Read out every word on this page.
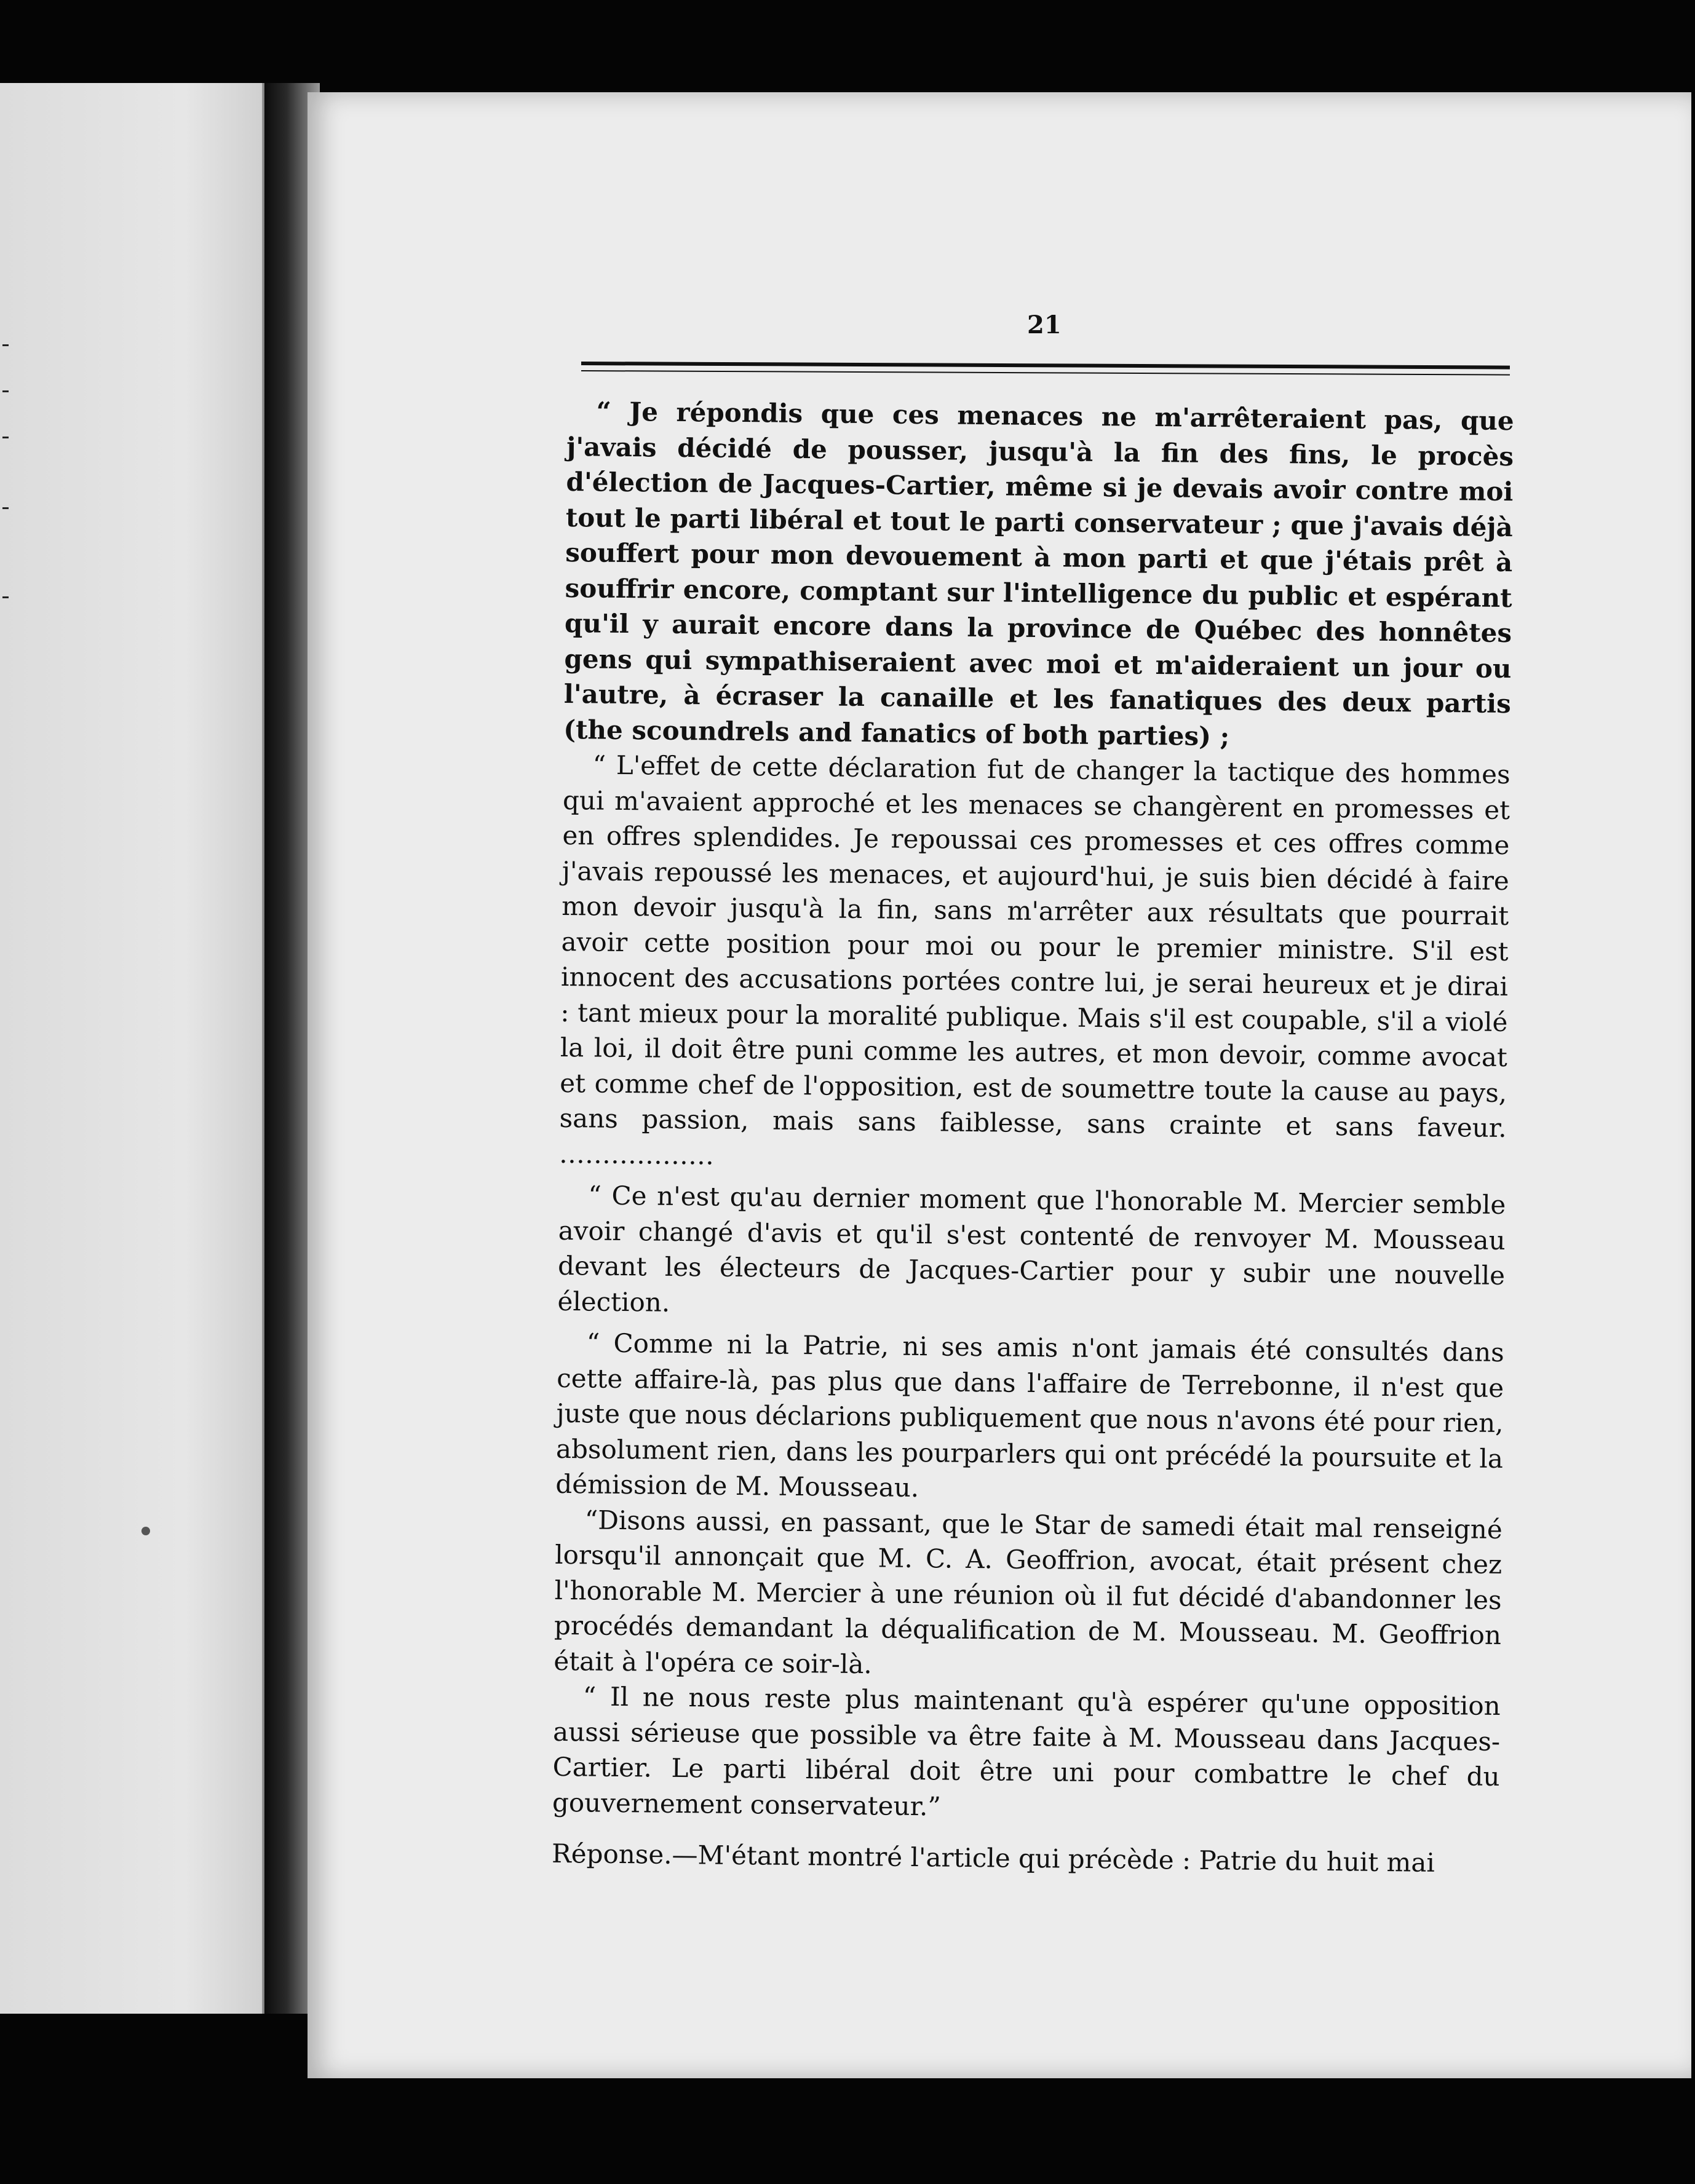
21

“ Je répondis que ces menaces ne m'arrêteraient pas, que j'avais décidé de pousser, jusqu'à la fin des fins, le procès d'élection de Jacques-Cartier, même si je devais avoir contre moi tout le parti libéral et tout le parti conservateur ; que j'avais déjà souffert pour mon devouement à mon parti et que j'étais prêt à souffrir encore, comptant sur l'intelligence du public et espérant qu'il y aurait encore dans la province de Québec des honnêtes gens qui sympathiseraient avec moi et m'aideraient un jour ou l'autre, à écraser la canaille et les fanatiques des deux partis (the scoundrels and fanatics of both parties) ;

“ L'effet de cette déclaration fut de changer la tactique des hommes qui m'avaient approché et les menaces se changèrent en promesses et en offres splendides. Je repoussai ces promesses et ces offres comme j'avais repoussé les menaces, et aujourd'hui, je suis bien décidé à faire mon devoir jusqu'à la fin, sans m'arrêter aux résultats que pourrait avoir cette position pour moi ou pour le premier ministre. S'il est innocent des accusations portées contre lui, je serai heureux et je dirai : tant mieux pour la moralité publique. Mais s'il est coupable, s'il a violé la loi, il doit être puni comme les autres, et mon devoir, comme avocat et comme chef de l'opposition, est de soumettre toute la cause au pays, sans passion, mais sans faiblesse, sans crainte et sans faveur. ………………

“ Ce n'est qu'au dernier moment que l'honorable M. Mercier semble avoir changé d'avis et qu'il s'est contenté de renvoyer M. Mousseau devant les électeurs de Jacques-Cartier pour y subir une nouvelle élection.

“ Comme ni la Patrie, ni ses amis n'ont jamais été consultés dans cette affaire-là, pas plus que dans l'affaire de Terrebonne, il n'est que juste que nous déclarions publiquement que nous n'avons été pour rien, absolument rien, dans les pourparlers qui ont précédé la poursuite et la démission de M. Mousseau.

“Disons aussi, en passant, que le Star de samedi était mal renseigné lorsqu'il annonçait que M. C. A. Geoffrion, avocat, était présent chez l'honorable M. Mercier à une réunion où il fut décidé d'abandonner les procédés demandant la déqualification de M. Mousseau. M. Geoffrion était à l'opéra ce soir-là.

“ Il ne nous reste plus maintenant qu'à espérer qu'une opposition aussi sérieuse que possible va être faite à M. Mousseau dans Jacques-Cartier. Le parti libéral doit être uni pour combattre le chef du gouvernement conservateur.”

Réponse.—M'étant montré l'article qui précède : Patrie du huit mai
